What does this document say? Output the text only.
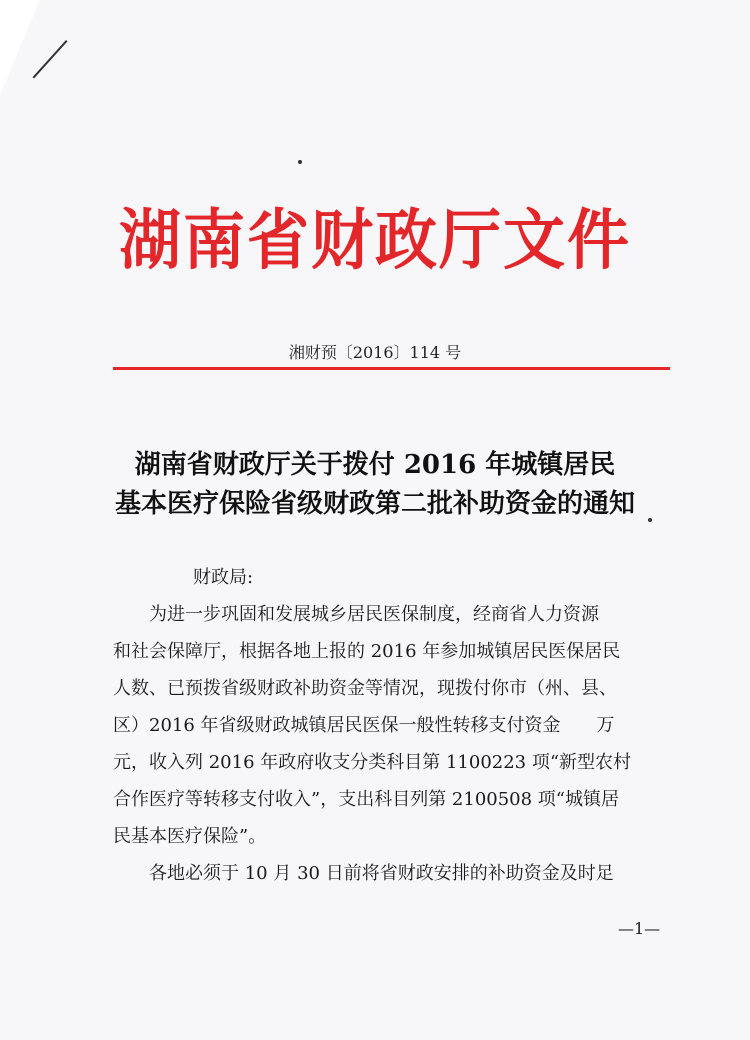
湖南省财政厅文件
湘财预〔2016〕114 号
湖南省财政厅关于拨付 2016 年城镇居民
基本医疗保险省级财政第二批补助资金的通知
财政局:
为进一步巩固和发展城乡居民医保制度，经商省人力资源
和社会保障厅，根据各地上报的 2016 年参加城镇居民医保居民
人数、已预拨省级财政补助资金等情况，现拨付你市（州、县、
区）2016 年省级财政城镇居民医保一般性转移支付资金　　万
元，收入列 2016 年政府收支分类科目第 1100223 项“新型农村
合作医疗等转移支付收入”，支出科目列第 2100508 项“城镇居
民基本医疗保险”。
各地必须于 10 月 30 日前将省财政安排的补助资金及时足
—1—
